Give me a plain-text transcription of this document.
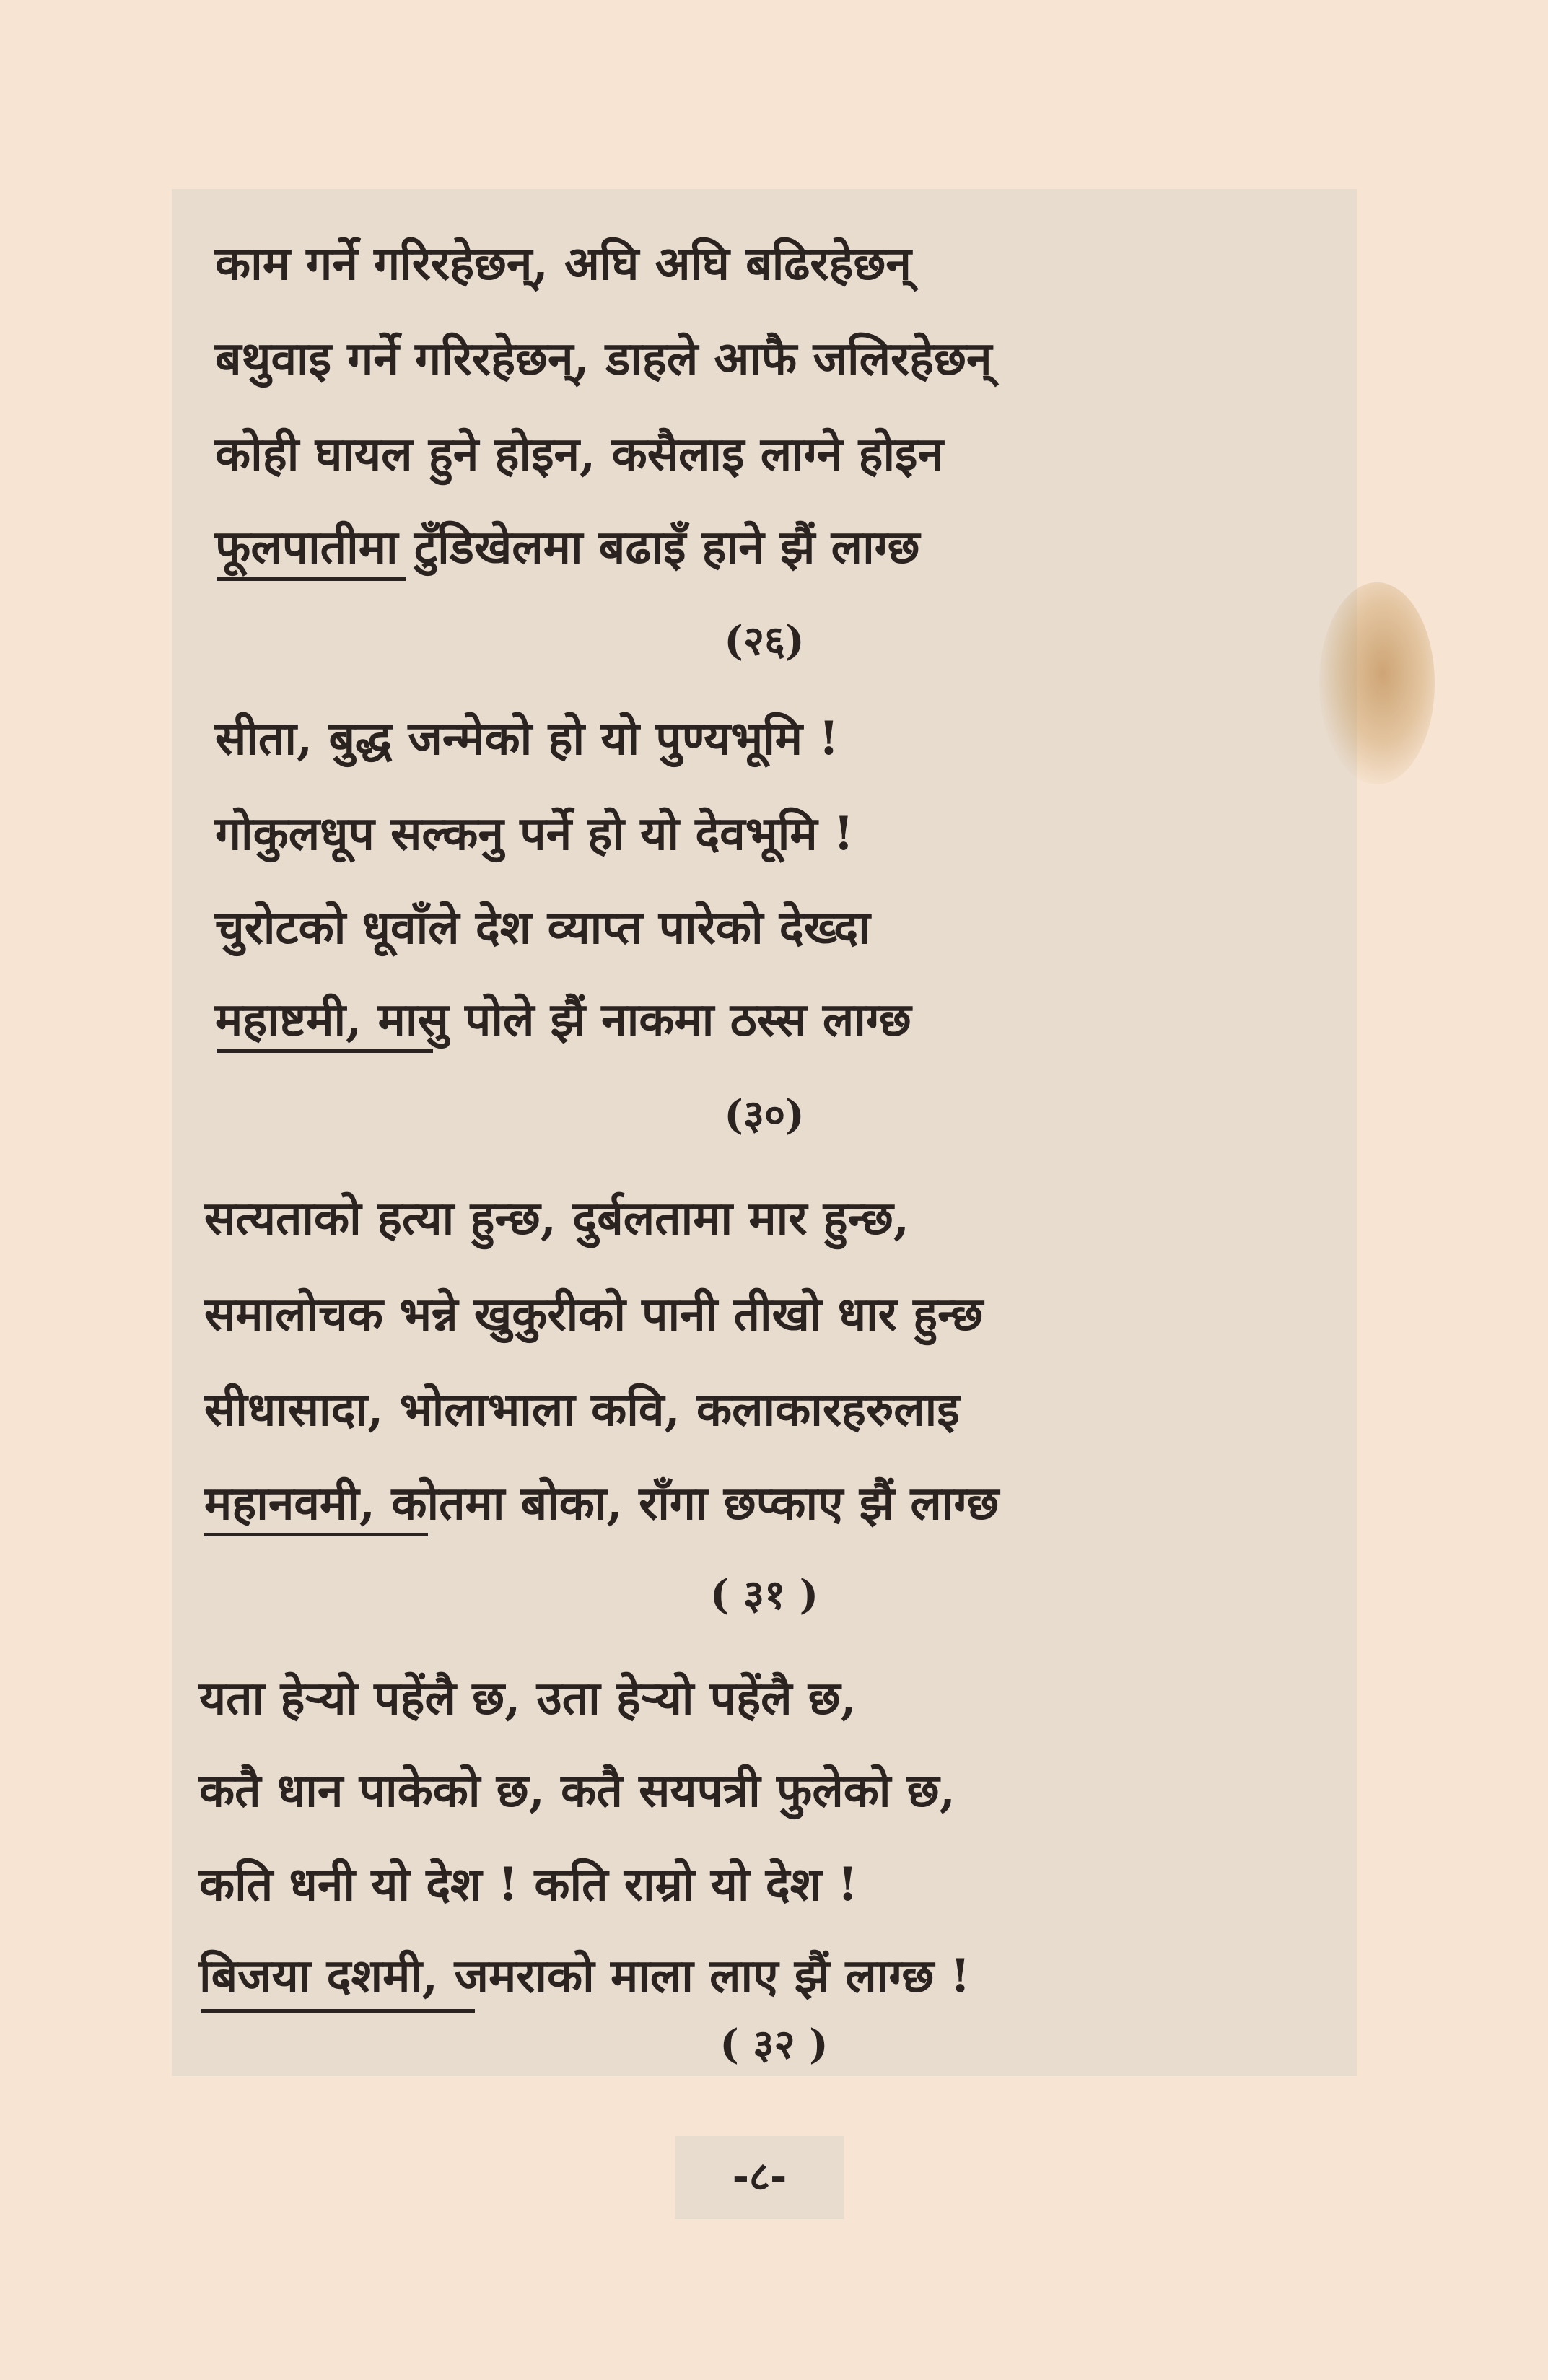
काम गर्ने गरिरहेछन्, अघि अघि बढिरहेछन्
बथुवाइ गर्ने गरिरहेछन्, डाहले आफै जलिरहेछन्
कोही घायल हुने होइन, कसैलाइ लाग्ने होइन
फूलपातीमा टुँडिखेलमा बढाइँ हाने झैं लाग्छ
(२६)
सीता, बुद्ध जन्मेको हो यो पुण्यभूमि !
गोकुलधूप सल्कनु पर्ने हो यो देवभूमि !
चुरोटको धूवाँले देश व्याप्त पारेको देख्दा
महाष्टमी, मासु पोले झैं नाकमा ठस्स लाग्छ
(३०)
सत्यताको हत्या हुन्छ, दुर्बलतामा मार हुन्छ,
समालोचक भन्ने खुकुरीको पानी तीखो धार हुन्छ
सीधासादा, भोलाभाला कवि, कलाकारहरुलाइ
महानवमी, कोतमा बोका, राँगा छप्काए झैं लाग्छ
( ३१ )
यता हेर्‍यो पहेंलै छ, उता हेर्‍यो पहेंलै छ,
कतै धान पाकेको छ, कतै सयपत्री फुलेको छ,
कति धनी यो देश ! कति राम्रो यो देश !
बिजया दशमी, जमराको माला लाए झैं लाग्छ !
( ३२ )
-८-
